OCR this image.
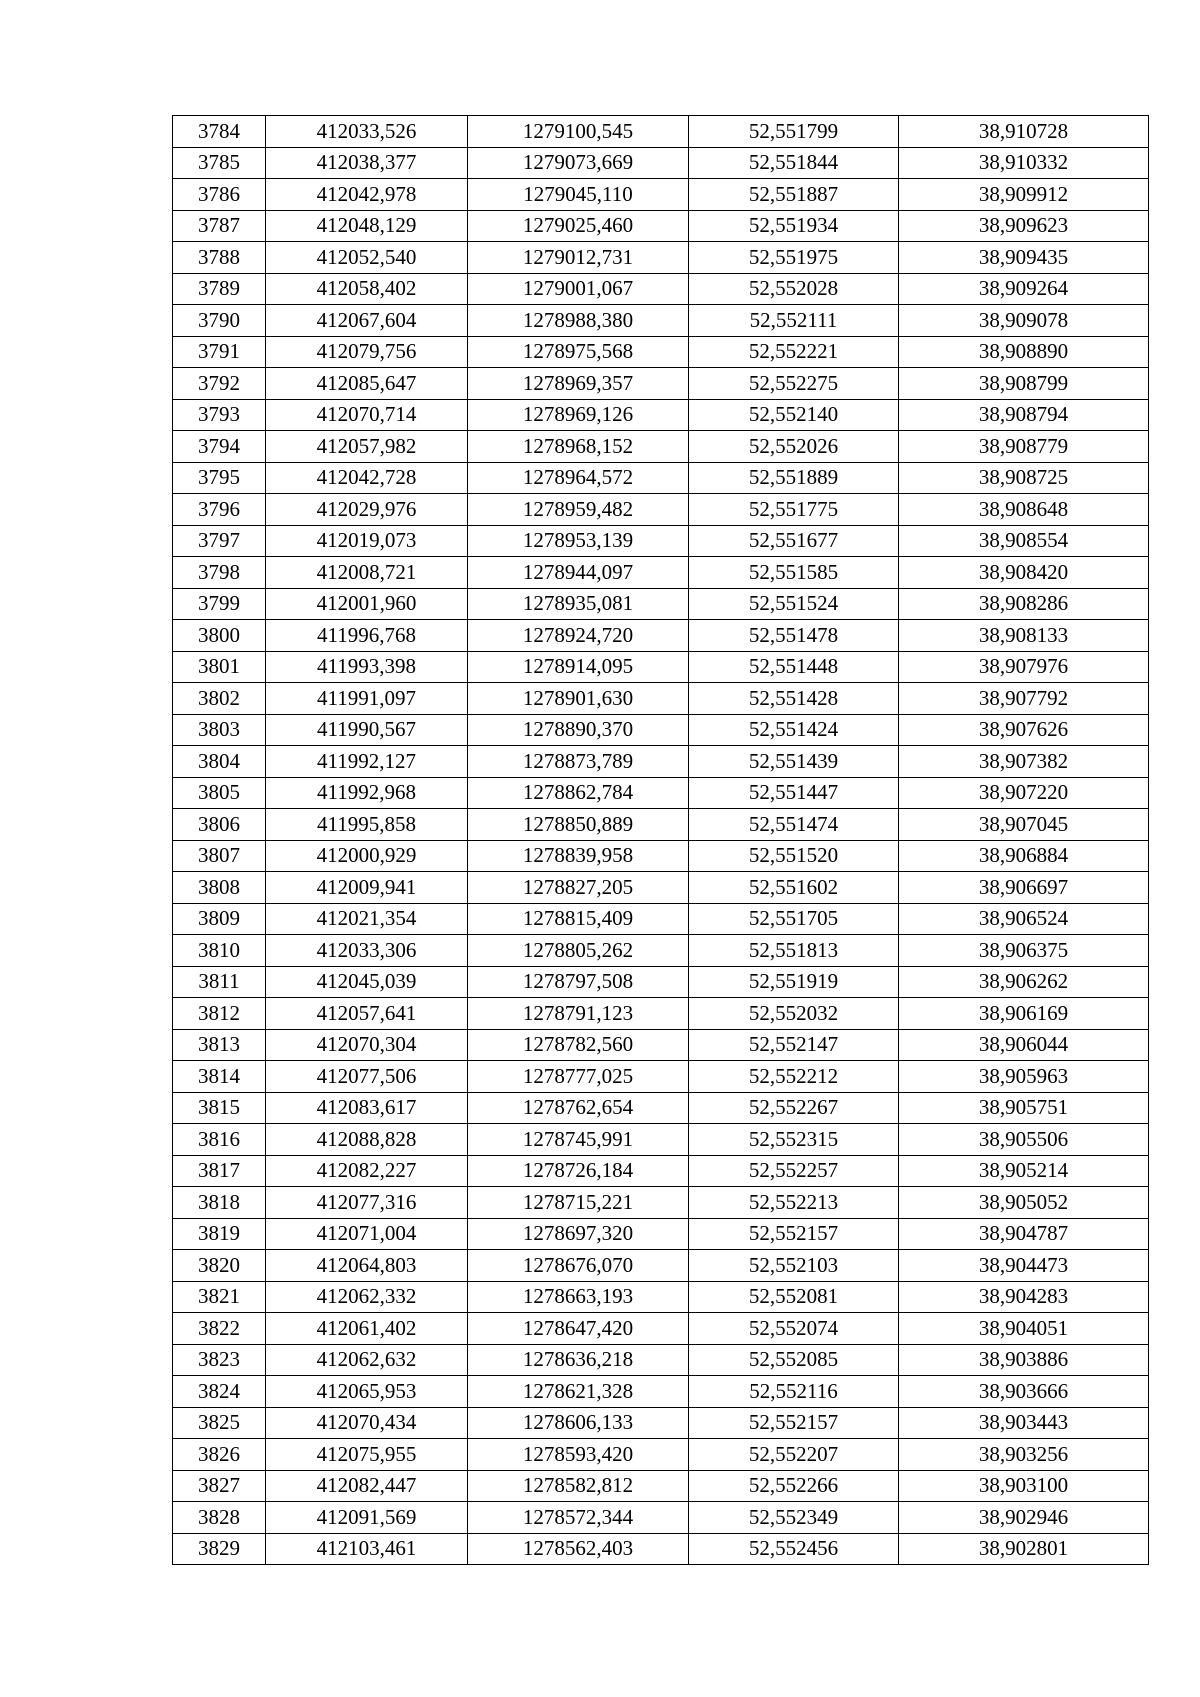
3784	412033,526	1279100,545	52,551799	38,910728
3785	412038,377	1279073,669	52,551844	38,910332
3786	412042,978	1279045,110	52,551887	38,909912
3787	412048,129	1279025,460	52,551934	38,909623
3788	412052,540	1279012,731	52,551975	38,909435
3789	412058,402	1279001,067	52,552028	38,909264
3790	412067,604	1278988,380	52,552111	38,909078
3791	412079,756	1278975,568	52,552221	38,908890
3792	412085,647	1278969,357	52,552275	38,908799
3793	412070,714	1278969,126	52,552140	38,908794
3794	412057,982	1278968,152	52,552026	38,908779
3795	412042,728	1278964,572	52,551889	38,908725
3796	412029,976	1278959,482	52,551775	38,908648
3797	412019,073	1278953,139	52,551677	38,908554
3798	412008,721	1278944,097	52,551585	38,908420
3799	412001,960	1278935,081	52,551524	38,908286
3800	411996,768	1278924,720	52,551478	38,908133
3801	411993,398	1278914,095	52,551448	38,907976
3802	411991,097	1278901,630	52,551428	38,907792
3803	411990,567	1278890,370	52,551424	38,907626
3804	411992,127	1278873,789	52,551439	38,907382
3805	411992,968	1278862,784	52,551447	38,907220
3806	411995,858	1278850,889	52,551474	38,907045
3807	412000,929	1278839,958	52,551520	38,906884
3808	412009,941	1278827,205	52,551602	38,906697
3809	412021,354	1278815,409	52,551705	38,906524
3810	412033,306	1278805,262	52,551813	38,906375
3811	412045,039	1278797,508	52,551919	38,906262
3812	412057,641	1278791,123	52,552032	38,906169
3813	412070,304	1278782,560	52,552147	38,906044
3814	412077,506	1278777,025	52,552212	38,905963
3815	412083,617	1278762,654	52,552267	38,905751
3816	412088,828	1278745,991	52,552315	38,905506
3817	412082,227	1278726,184	52,552257	38,905214
3818	412077,316	1278715,221	52,552213	38,905052
3819	412071,004	1278697,320	52,552157	38,904787
3820	412064,803	1278676,070	52,552103	38,904473
3821	412062,332	1278663,193	52,552081	38,904283
3822	412061,402	1278647,420	52,552074	38,904051
3823	412062,632	1278636,218	52,552085	38,903886
3824	412065,953	1278621,328	52,552116	38,903666
3825	412070,434	1278606,133	52,552157	38,903443
3826	412075,955	1278593,420	52,552207	38,903256
3827	412082,447	1278582,812	52,552266	38,903100
3828	412091,569	1278572,344	52,552349	38,902946
3829	412103,461	1278562,403	52,552456	38,902801
